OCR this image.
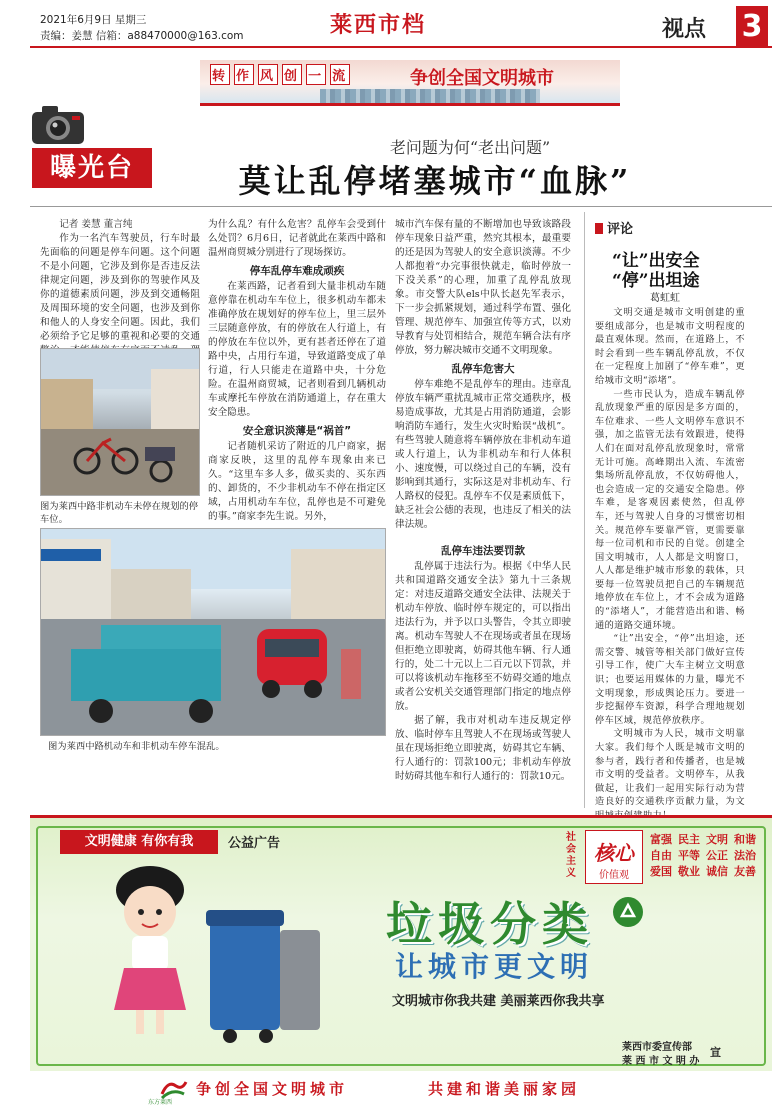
2021年6月9日 星期三
责编：姜慧 信箱：a88470000@163.com	莱西市档	视点 3
转 作 风 创 一 流	争创全国文明城市
曝光台
老问题为何“老出问题”
莫让乱停堵塞城市“血脉”

记者 姜慧 董言纯

作为一名汽车驾驶员，行车时最先面临的问题是停车问题。这个问题不是小问题，它涉及到你是否违反法律规定问题，涉及到你的驾驶作风及你的道德素质问题，涉及到交通畅阻及周围环境的安全问题，也涉及到你和他人的人身安全问题。因此，我们必须给予它足够的重视和必要的交通

图为莱西中路非机动车未停在规划的停车位。

为什么乱？有什么危害？乱停车会受到什么处罚？6月6日，记者就此在莱西中路和温州商贸城分别进行了现场探访。

停车乱停车难成顽疾

在莱西路，记者看到大量非机动车随意停靠在机动车车位上，很多机动车都未准确停放在规划好的停车位上，里三层外三层随意停放，有的停放在人行道上，有的停放在车位以外，更有甚者还停在了道路中央，占用行车道，导致道路变成了单行道，行人只能走在道路中央，十分危险。在温州商贸城，记者则看到几辆机动车或摩托车停放在消防通道上，存在重大安全隐患。

安全意识淡薄是“祸首”

记者随机采访了附近的几户商家，据商家反映，这里的乱停车现象由来已久。“这里车多人多，做买卖的、买东西的、卸货的，不少非机动车不停在指定区域，占用机动车车位，乱停也是不可避免的事。”商家李先生说。另外，

城市汽车保有量的不断增加也导致该路段停车现象日益严重，然究其根本，最重要的还是因为驾驶人的安全意识淡薄。不少人都抱着“办完事很快就走，临时停放一下没关系”的心理，加重了乱停乱放现象。市交警大队els中队长赵先军表示，下一步会抓紧规划，通过科学布置、强化管理、规范停车、加强宣传等方式，以劝导教育与处罚相结合，规范车辆合法有序停放，努力解决城市交通不文明现象。

乱停车危害大

停车难绝不是乱停车的理由。违章乱停放车辆严重扰乱城市正常交通秩序，极易造成事故，尤其是占用消防通道，会影响消防车通行，发生火灾时贻误“战机”。有些驾驶人随意将车辆停放在非机动车道或人行道上，认为非机动车和行人体积小、速度慢，可以绕过自己的车辆，没有影响到其通行，实际这是对非机动车、行人路权的侵犯。乱停车不仅是素质低下，缺乏社会公德的表现，也违反了相关的法律法规。

乱停车违法要罚款

乱停属于违法行为。根据《中华人民共和国道路交通安全法》第九十三条规定：对违反道路交通安全法律、法规关于机动车停放、临时停车规定的，可以指出违法行为，并予以口头警告，令其立即驶离。机动车驾驶人不在现场或者虽在现场但拒绝立即驶离，妨碍其他车辆、行人通行的，处二十元以上二百元以下罚款，并可以将该机动车拖移至不妨碍交通的地点或者公安机关交通管理部门指定的地点停放。

据了解，我市对机动车违反规定停放、临时停车且驾驶人不在现场或驾驶人虽在现场拒绝立即驶离，妨碍其它车辆、行人通行的：罚款100元；非机动车停放时妨碍其他车和行人通行的：罚款10元。

图为莱西中路机动车和非机动车停车混乱。
评论
“让”出安全
“停”出坦途
葛虹虹

文明交通是城市文明创建的重要组成部分，也是城市文明程度的最直观体现。然而，在道路上，不时会看到一些车辆乱停乱放，不仅在一定程度上加剧了“停车难”，更给城市文明“添堵”。

一些市民认为，造成车辆乱停乱放现象严重的原因是多方面的，车位难求、一些人文明停车意识不强，加之监管无法有效跟进，使得人们在面对乱停乱放现象时，常常无计可施。高峰期出入流、车流密集场所乱停乱放，不仅妨碍他人，也会造成一定的交通安全隐患。停车难，是客观因素使然，但乱停车，还与驾驶人自身的习惯密切相关。规范停车要靠严管，更需要靠每一位司机和市民的自觉。创建全国文明城市，人人都是文明窗口，人人都是维护城市形象的载体，只要每一位驾驶员把自己的车辆规范地停放在车位上，才不会成为道路的“添堵人”，才能营造出和谐、畅通的道路交通环境。

“让”出安全，“停”出坦途，还需交警、城管等相关部门做好宣传引导工作，使广大车主树立文明意识；也要运用媒体的力量，曝光不文明现象，形成舆论压力。要进一步挖掘停车资源，科学合理地规划停车区域，规范停放秩序。

文明城市为人民，城市文明靠大家。我们每个人既是城市文明的参与者，践行者和传播者，也是城市文明的受益者。文明停车，从我做起，让我们一起用实际行动为营造良好的交通秩序贡献力量，为文

文明健康 有你有我	公益广告	社会主义
核心
价值观
富强 民主 文明 和谐 自由 平等 公正 法治 爱国 敬业 诚信 友善
垃圾分类
让城市更文明
文明城市你我共建 美丽莱西你我共享
莱西市委宣传部
莱 西 市 文 明 办
宣
东方莱西
争创全国文明城市	共建和谐美丽家园
